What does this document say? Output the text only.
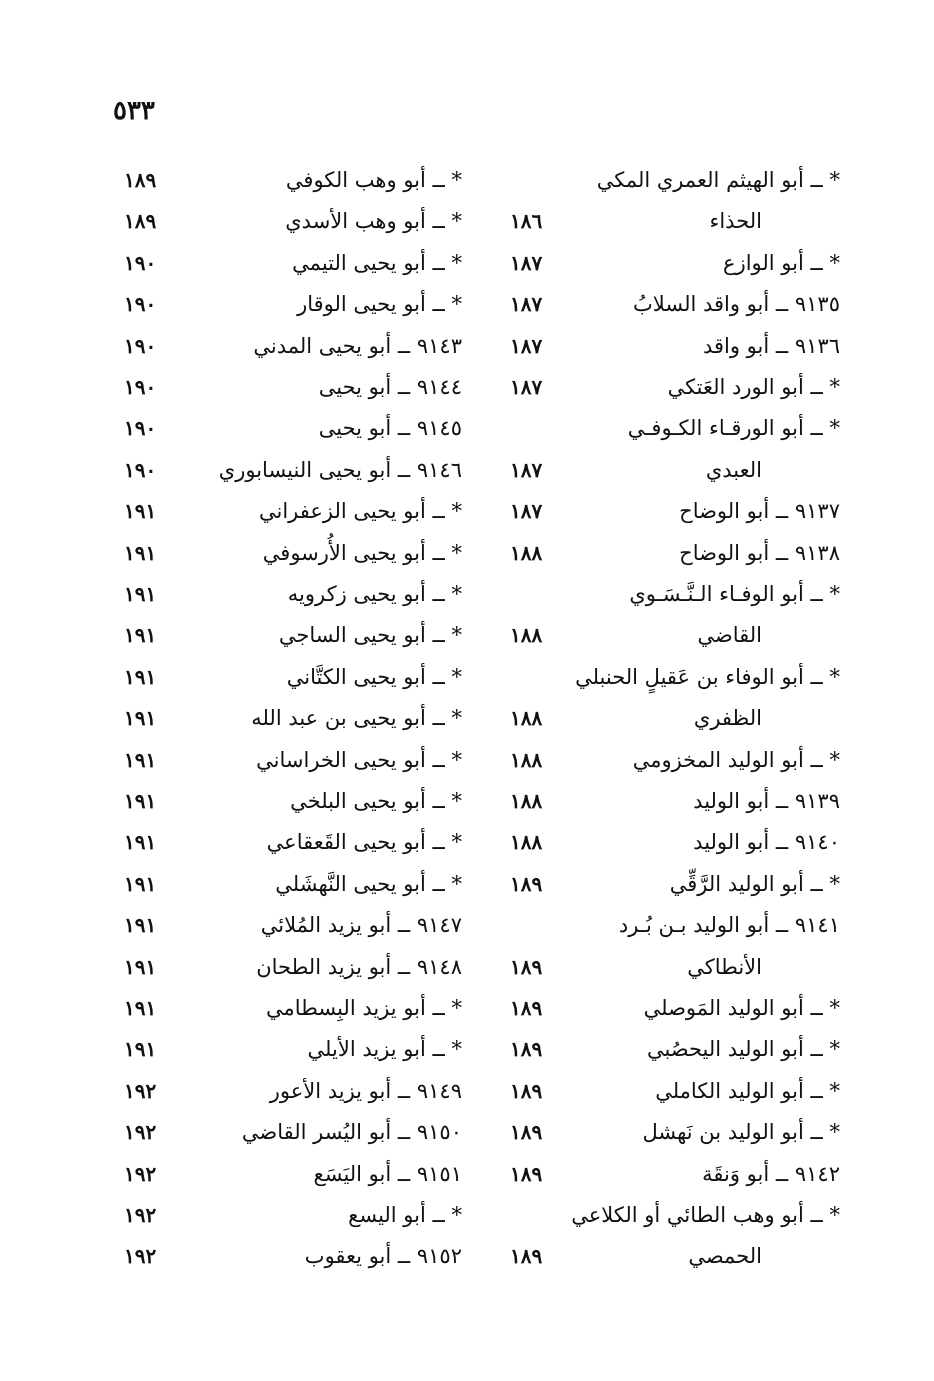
٥٣٣
* ــ أبو الهيثم العمري المكي
الحذاء
١٨٦
* ــ أبو الوازع
١٨٧
٩١٣٥ ــ أبو واقد السلابُ
١٨٧
٩١٣٦ ــ أبو واقد
١٨٧
* ــ أبو الورد العَتكي
١٨٧
* ــ أبو الورقـاء الكـوفـي
العبدي
١٨٧
٩١٣٧ ــ أبو الوضاح
١٨٧
٩١٣٨ ــ أبو الوضاح
١٨٨
* ــ أبو الوفـاء الـنَّـسَـوي
القاضي
١٨٨
* ــ أبو الوفاء بن عَقيلٍ الحنبلي
الظفري
١٨٨
* ــ أبو الوليد المخزومي
١٨٨
٩١٣٩ ــ أبو الوليد
١٨٨
٩١٤٠ ــ أبو الوليد
١٨٨
* ــ أبو الوليد الرَّقِّي
١٨٩
٩١٤١ ــ أبو الوليد بـن بُـرد
الأنطاكي
١٨٩
* ــ أبو الوليد المَوصلي
١٨٩
* ــ أبو الوليد اليحصُبي
١٨٩
* ــ أبو الوليد الكاملي
١٨٩
* ــ أبو الوليد بن نَهشل
١٨٩
٩١٤٢ ــ أبو وَنقَة
١٨٩
* ــ أبو وهب الطائي أو الكلاعي
الحمصي
١٨٩
* ــ أبو وهب الكوفي
١٨٩
* ــ أبو وهب الأسدي
١٨٩
* ــ أبو يحيى التيمي
١٩٠
* ــ أبو يحيى الوقار
١٩٠
٩١٤٣ ــ أبو يحيى المدني
١٩٠
٩١٤٤ ــ أبو يحيى
١٩٠
٩١٤٥ ــ أبو يحيى
١٩٠
٩١٤٦ ــ أبو يحيى النيسابوري
١٩٠
* ــ أبو يحيى الزعفراني
١٩١
* ــ أبو يحيى الأُرسوفي
١٩١
* ــ أبو يحيى زكرويه
١٩١
* ــ أبو يحيى الساجي
١٩١
* ــ أبو يحيى الكتَّاني
١٩١
* ــ أبو يحيى بن عبد الله
١٩١
* ــ أبو يحيى الخراساني
١٩١
* ــ أبو يحيى البلخي
١٩١
* ــ أبو يحيى القَعقاعي
١٩١
* ــ أبو يحيى النَّهشَلي
١٩١
٩١٤٧ ــ أبو يزيد المُلائي
١٩١
٩١٤٨ ــ أبو يزيد الطحان
١٩١
* ــ أبو يزيد البِسطامي
١٩١
* ــ أبو يزيد الأيلي
١٩١
٩١٤٩ ــ أبو يزيد الأعور
١٩٢
٩١٥٠ ــ أبو اليُسر القاضي
١٩٢
٩١٥١ ــ أبو اليَسَع
١٩٢
* ــ أبو اليسع
١٩٢
٩١٥٢ ــ أبو يعقوب
١٩٢
